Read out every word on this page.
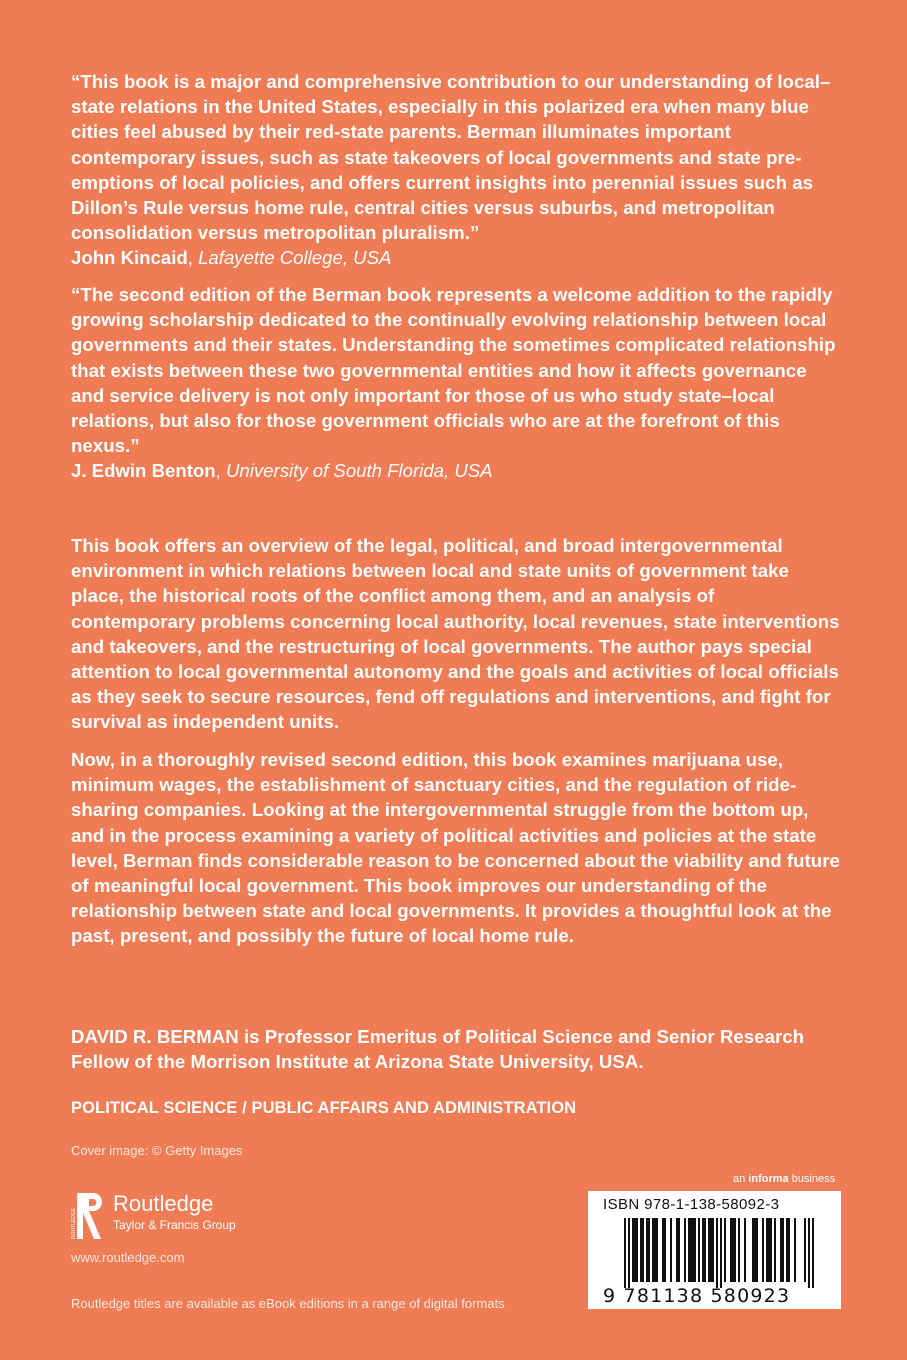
“This book is a major and comprehensive contribution to our understanding of local–state relations in the United States, especially in this polarized era when many blue cities feel abused by their red-state parents. Berman illuminates important contemporary issues, such as state takeovers of local governments and state pre-emptions of local policies, and offers current insights into perennial issues such as Dillon’s Rule versus home rule, central cities versus suburbs, and metropolitan consolidation versus metropolitan pluralism.”

John Kincaid, Lafayette College, USA

“The second edition of the Berman book represents a welcome addition to the rapidly growing scholarship dedicated to the continually evolving relationship between local governments and their states. Understanding the sometimes complicated relationship that exists between these two governmental entities and how it affects governance and service delivery is not only important for those of us who study state–local relations, but also for those government officials who are at the forefront of this nexus.”

J. Edwin Benton, University of South Florida, USA

This book offers an overview of the legal, political, and broad intergovernmental environment in which relations between local and state units of government take place, the historical roots of the conflict among them, and an analysis of contemporary problems concerning local authority, local revenues, state interventions and takeovers, and the restructuring of local governments. The author pays special attention to local governmental autonomy and the goals and activities of local officials as they seek to secure resources, fend off regulations and interventions, and fight for survival as independent units.

Now, in a thoroughly revised second edition, this book examines marijuana use, minimum wages, the establishment of sanctuary cities, and the regulation of ride-sharing companies. Looking at the intergovernmental struggle from the bottom up, and in the process examining a variety of political activities and policies at the state level, Berman finds considerable reason to be concerned about the viability and future of meaningful local government. This book improves our understanding of the relationship between state and local governments. It provides a thoughtful look at the past, present, and possibly the future of local home rule.

DAVID R. BERMAN is Professor Emeritus of Political Science and Senior Research Fellow of the Morrison Institute at Arizona State University, USA.

POLITICAL SCIENCE / PUBLIC AFFAIRS AND ADMINISTRATION
Cover image: © Getty Images
an informa business
ROUTLEDGE
Routledge
Taylor & Francis Group
www.routledge.com
Routledge titles are available as eBook editions in a range of digital formats
ISBN 978-1-138-58092-3
9 781138 580923
